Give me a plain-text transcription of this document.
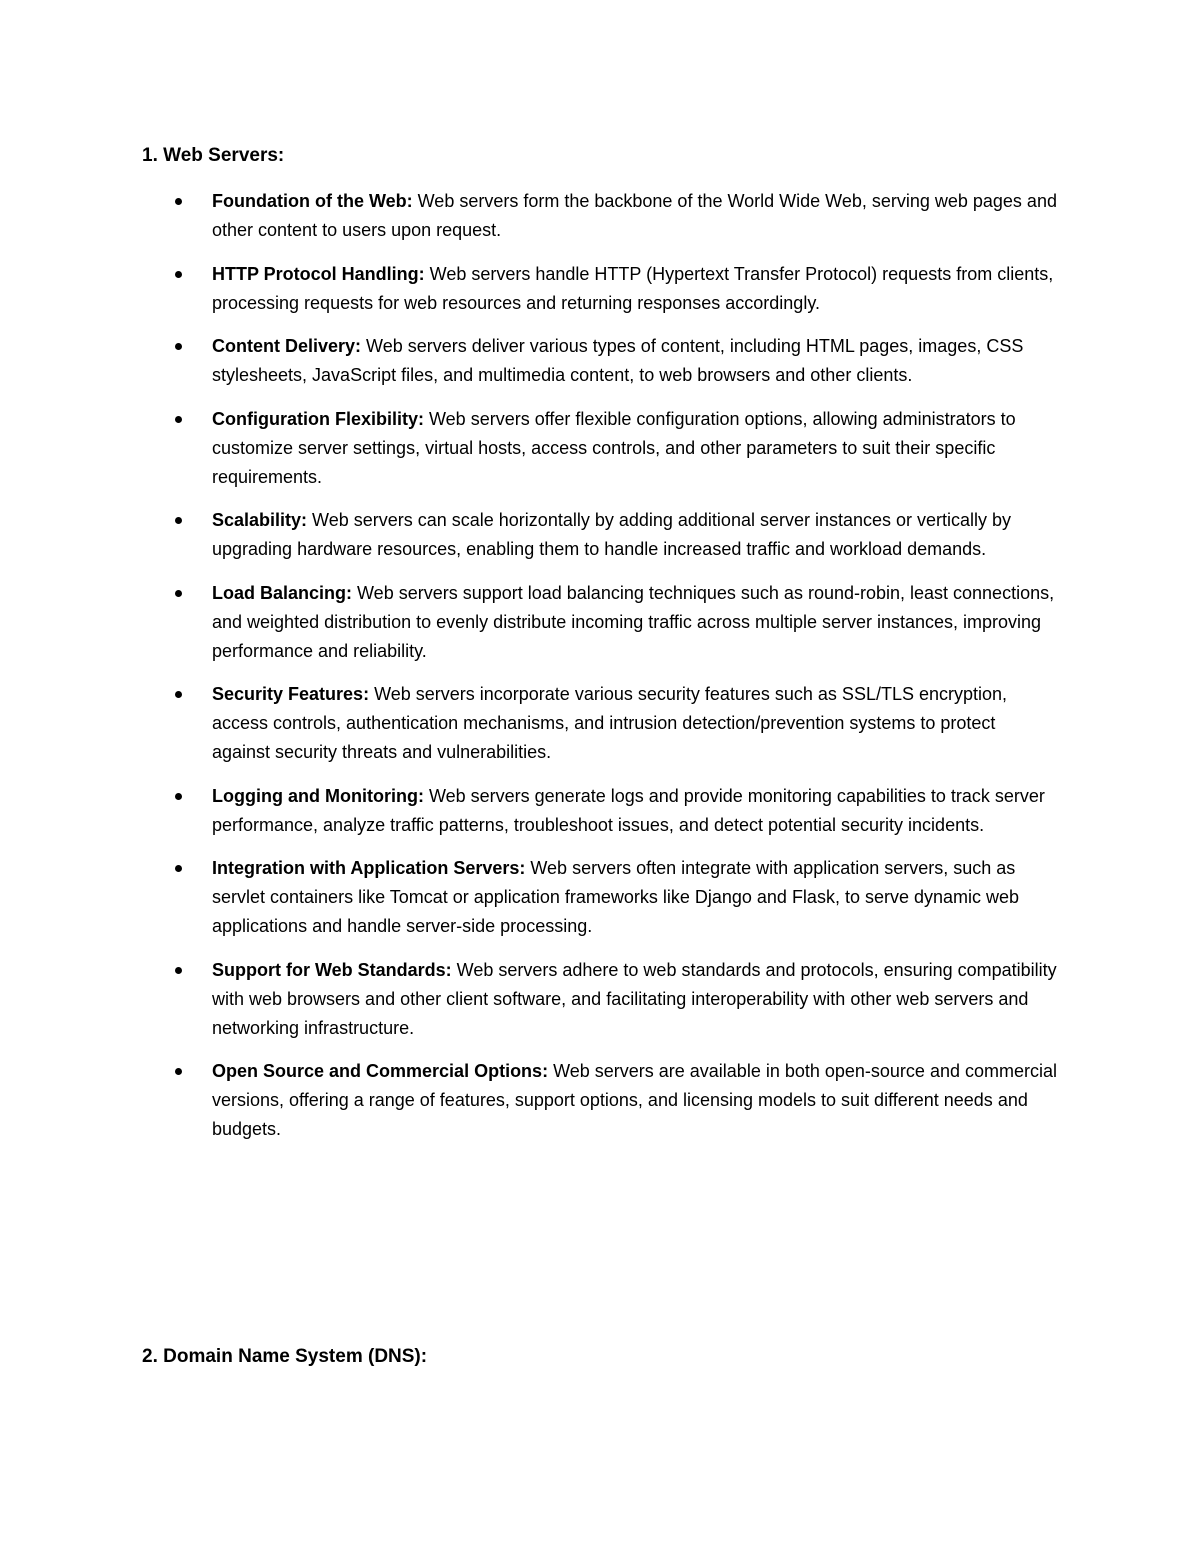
1. Web Servers:
Foundation of the Web: Web servers form the backbone of the World Wide Web, serving web pages and other content to users upon request.
HTTP Protocol Handling: Web servers handle HTTP (Hypertext Transfer Protocol) requests from clients, processing requests for web resources and returning responses accordingly.
Content Delivery: Web servers deliver various types of content, including HTML pages, images, CSS stylesheets, JavaScript files, and multimedia content, to web browsers and other clients.
Configuration Flexibility: Web servers offer flexible configuration options, allowing administrators to customize server settings, virtual hosts, access controls, and other parameters to suit their specific requirements.
Scalability: Web servers can scale horizontally by adding additional server instances or vertically by upgrading hardware resources, enabling them to handle increased traffic and workload demands.
Load Balancing: Web servers support load balancing techniques such as round-robin, least connections, and weighted distribution to evenly distribute incoming traffic across multiple server instances, improving performance and reliability.
Security Features: Web servers incorporate various security features such as SSL/TLS encryption, access controls, authentication mechanisms, and intrusion detection/prevention systems to protect against security threats and vulnerabilities.
Logging and Monitoring: Web servers generate logs and provide monitoring capabilities to track server performance, analyze traffic patterns, troubleshoot issues, and detect potential security incidents.
Integration with Application Servers: Web servers often integrate with application servers, such as servlet containers like Tomcat or application frameworks like Django and Flask, to serve dynamic web applications and handle server-side processing.
Support for Web Standards: Web servers adhere to web standards and protocols, ensuring compatibility with web browsers and other client software, and facilitating interoperability with other web servers and networking infrastructure.
Open Source and Commercial Options: Web servers are available in both open-source and commercial versions, offering a range of features, support options, and licensing models to suit different needs and budgets.
2. Domain Name System (DNS):
